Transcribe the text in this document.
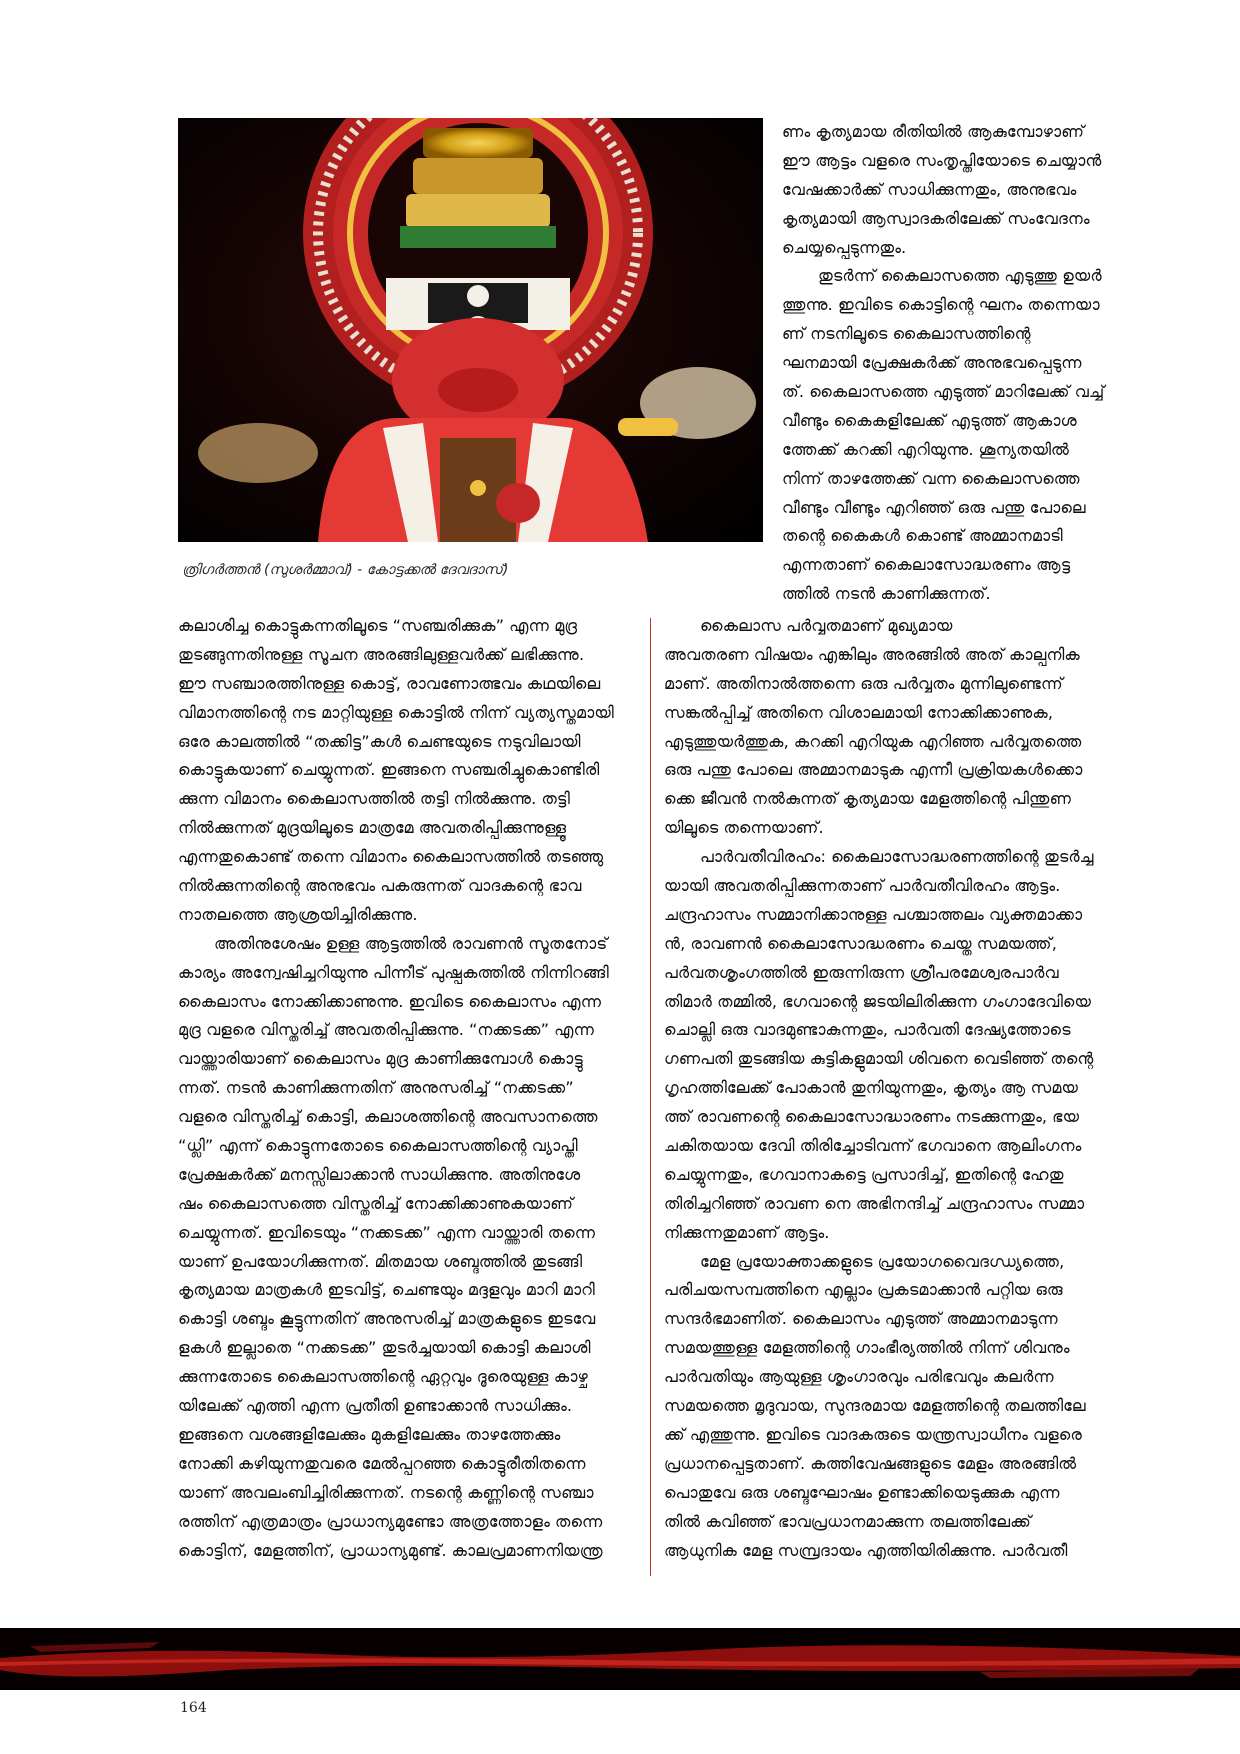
ത്രിഗർത്തൻ (സുശർമ്മാവ്) - കോട്ടക്കൽ ദേവദാസ്)
ണം കൃത്യമായ രീതിയിൽ ആകുമ്പോഴാണ്
ഈ ആട്ടം വളരെ സംതൃപ്തിയോടെ ചെയ്യാൻ
വേഷക്കാർക്ക് സാധിക്കുന്നതും, അനുഭവം
കൃത്യമായി ആസ്വാദകരിലേക്ക് സംവേദനം
ചെയ്യപ്പെടുന്നതും.
തുടർന്ന് കൈലാസത്തെ എടുത്തു ഉയർ
ത്തുന്നു. ഇവിടെ കൊട്ടിന്റെ ഘനം തന്നെയാ
ണ് നടനിലൂടെ കൈലാസത്തിന്റെ
ഘനമായി പ്രേക്ഷകർക്ക് അനുഭവപ്പെടുന്ന
ത്. കൈലാസത്തെ എടുത്ത് മാറിലേക്ക് വച്ച്
വീണ്ടും കൈകളിലേക്ക് എടുത്ത് ആകാശ
ത്തേക്ക് കറക്കി എറിയുന്നു. ശൂന്യതയിൽ
നിന്ന് താഴത്തേക്ക് വന്ന കൈലാസത്തെ
വീണ്ടും വീണ്ടും എറിഞ്ഞ് ഒരു പന്തു പോലെ
തന്റെ കൈകൾ കൊണ്ട് അമ്മാനമാടി
എന്നതാണ് കൈലാസോദ്ധരണം ആട്ട
ത്തിൽ നടൻ കാണിക്കുന്നത്.
കലാശിച്ച കൊട്ടുകന്നതിലൂടെ “സഞ്ചരിക്കുക” എന്ന മുദ്ര
തുടങ്ങുന്നതിനുള്ള സൂചന അരങ്ങിലുള്ളവർക്ക് ലഭിക്കുന്നു.
ഈ സഞ്ചാരത്തിനുള്ള കൊട്ട്, രാവണോത്ഭവം കഥയിലെ
വിമാനത്തിന്റെ നട മാറ്റിയുള്ള കൊട്ടിൽ നിന്ന് വ്യത്യസ്തമായി
ഒരേ കാലത്തിൽ “തക്കിട്ട”കൾ ചെണ്ടയുടെ നടുവിലായി
കൊട്ടുകയാണ് ചെയ്യുന്നത്. ഇങ്ങനെ സഞ്ചരിച്ചുകൊണ്ടിരി
ക്കുന്ന വിമാനം കൈലാസത്തിൽ തട്ടി നിൽക്കുന്നു. തട്ടി
നിൽക്കുന്നത് മുദ്രയിലൂടെ മാത്രമേ അവതരിപ്പിക്കുന്നുള്ളൂ
എന്നതുകൊണ്ട് തന്നെ വിമാനം കൈലാസത്തിൽ തടഞ്ഞു
നിൽക്കുന്നതിന്റെ അനുഭവം പകരുന്നത് വാദകന്റെ ഭാവ
നാതലത്തെ ആശ്രയിച്ചിരിക്കുന്നു.
അതിനുശേഷം ഉള്ള ആട്ടത്തിൽ രാവണൻ സൂതനോട്
കാര്യം അന്വേഷിച്ചറിയുന്നു പിന്നീട് പുഷ്പകത്തിൽ നിന്നിറങ്ങി
കൈലാസം നോക്കിക്കാണുന്നു. ഇവിടെ കൈലാസം എന്ന
മുദ്ര വളരെ വിസ്തരിച്ച് അവതരിപ്പിക്കുന്നു. “നക്കടക്ക” എന്ന
വായ്ത്താരിയാണ് കൈലാസം മുദ്ര കാണിക്കുമ്പോൾ കൊട്ടു
ന്നത്. നടൻ കാണിക്കുന്നതിന് അനുസരിച്ച് “നക്കടക്ക”
വളരെ വിസ്തരിച്ച് കൊട്ടി, കലാശത്തിന്റെ അവസാനത്തെ
“ധ്ലി” എന്ന് കൊട്ടുന്നതോടെ കൈലാസത്തിന്റെ വ്യാപ്തി
പ്രേക്ഷകർക്ക് മനസ്സിലാക്കാൻ സാധിക്കുന്നു. അതിനുശേ
ഷം കൈലാസത്തെ വിസ്തരിച്ച് നോക്കിക്കാണുകയാണ്
ചെയ്യുന്നത്. ഇവിടെയും “നക്കടക്ക” എന്ന വായ്ത്താരി തന്നെ
യാണ് ഉപയോഗിക്കുന്നത്. മിതമായ ശബ്ദത്തിൽ തുടങ്ങി
കൃത്യമായ മാത്രകൾ ഇടവിട്ട്, ചെണ്ടയും മദ്ദളവും മാറി മാറി
കൊട്ടി ശബ്ദം കൂട്ടുന്നതിന് അനുസരിച്ച് മാത്രകളുടെ ഇടവേ
ളകൾ ഇല്ലാതെ “നക്കടക്ക” തുടർച്ചയായി കൊട്ടി കലാശി
ക്കുന്നതോടെ കൈലാസത്തിന്റെ ഏറ്റവും ദൂരെയുള്ള കാഴ്ച
യിലേക്ക് എത്തി എന്ന പ്രതീതി ഉണ്ടാക്കാൻ സാധിക്കും.
ഇങ്ങനെ വശങ്ങളിലേക്കും മുകളിലേക്കും താഴത്തേക്കും
നോക്കി കഴിയുന്നതുവരെ മേൽപ്പറഞ്ഞ കൊട്ടുരീതിതന്നെ
യാണ് അവലംബിച്ചിരിക്കുന്നത്. നടന്റെ കണ്ണിന്റെ സഞ്ചാ
രത്തിന് എത്രമാത്രം പ്രാധാന്യമുണ്ടോ അത്രത്തോളം തന്നെ
കൊട്ടിന്, മേളത്തിന്, പ്രാധാന്യമുണ്ട്. കാലപ്രമാണനിയന്ത്ര
കൈലാസ പർവ്വതമാണ് മുഖ്യമായ
അവതരണ വിഷയം എങ്കിലും അരങ്ങിൽ അത് കാല്പനിക
മാണ്. അതിനാൽത്തന്നെ ഒരു പർവ്വതം മുന്നിലുണ്ടെന്ന്
സങ്കൽപ്പിച്ച് അതിനെ വിശാലമായി നോക്കിക്കാണുക,
എടുത്തുയർത്തുക, കറക്കി എറിയുക എറിഞ്ഞ പർവ്വതത്തെ
ഒരു പന്തു പോലെ അമ്മാനമാടുക എന്നീ പ്രക്രിയകൾക്കൊ
ക്കെ ജീവൻ നൽകുന്നത് കൃത്യമായ മേളത്തിന്റെ പിന്തുണ
യിലൂടെ തന്നെയാണ്.
പാർവതീവിരഹം: കൈലാസോദ്ധരണത്തിന്റെ തുടർച്ച
യായി അവതരിപ്പിക്കുന്നതാണ് പാർവതീവിരഹം ആട്ടം.
ചന്ദ്രഹാസം സമ്മാനിക്കാനുള്ള പശ്ചാത്തലം വ്യക്തമാക്കാ
ൻ, രാവണൻ കൈലാസോദ്ധരണം ചെയ്ത സമയത്ത്,
പർവതശൃംഗത്തിൽ ഇരുന്നിരുന്ന ശ്രീപരമേശ്വരപാർവ
തിമാർ തമ്മിൽ, ഭഗവാന്റെ ജടയിലിരിക്കുന്ന ഗംഗാദേവിയെ
ചൊല്ലി ഒരു വാദമുണ്ടാകുന്നതും, പാർവതി ദേഷ്യത്തോടെ
ഗണപതി തുടങ്ങിയ കുട്ടികളുമായി ശിവനെ വെടിഞ്ഞ് തന്റെ
ഗൃഹത്തിലേക്ക് പോകാൻ തുനിയുന്നതും, കൃത്യം ആ സമയ
ത്ത് രാവണന്റെ കൈലാസോദ്ധാരണം നടക്കുന്നതും, ഭയ
ചകിതയായ ദേവി തിരിച്ചോടിവന്ന് ഭഗവാനെ ആലിംഗനം
ചെയ്യുന്നതും, ഭഗവാനാകട്ടെ പ്രസാദിച്ച്, ഇതിന്റെ ഹേതു
തിരിച്ചറിഞ്ഞ് രാവണ നെ അഭിനന്ദിച്ച് ചന്ദ്രഹാസം സമ്മാ
നിക്കുന്നതുമാണ് ആട്ടം.
മേള പ്രയോക്താക്കളുടെ പ്രയോഗവൈദഗ്ധ്യത്തെ,
പരിചയസമ്പത്തിനെ എല്ലാം പ്രകടമാക്കാൻ പറ്റിയ ഒരു
സന്ദർഭമാണിത്. കൈലാസം എടുത്ത് അമ്മാനമാടുന്ന
സമയത്തുള്ള മേളത്തിന്റെ ഗാംഭീര്യത്തിൽ നിന്ന് ശിവനും
പാർവതിയും ആയുള്ള ശൃംഗാരവും പരിഭവവും കലർന്ന
സമയത്തെ മൃദുവായ, സുന്ദരമായ മേളത്തിന്റെ തലത്തിലേ
ക്ക് എത്തുന്നു. ഇവിടെ വാദകരുടെ യന്ത്രസ്വാധീനം വളരെ
പ്രധാനപ്പെട്ടതാണ്. കത്തിവേഷങ്ങളുടെ മേളം അരങ്ങിൽ
പൊതുവേ ഒരു ശബ്ദഘോഷം ഉണ്ടാക്കിയെടുക്കുക എന്ന
തിൽ കവിഞ്ഞ് ഭാവപ്രധാനമാക്കുന്ന തലത്തിലേക്ക്
ആധുനിക മേള സമ്പ്രദായം എത്തിയിരിക്കുന്നു. പാർവതീ
164
